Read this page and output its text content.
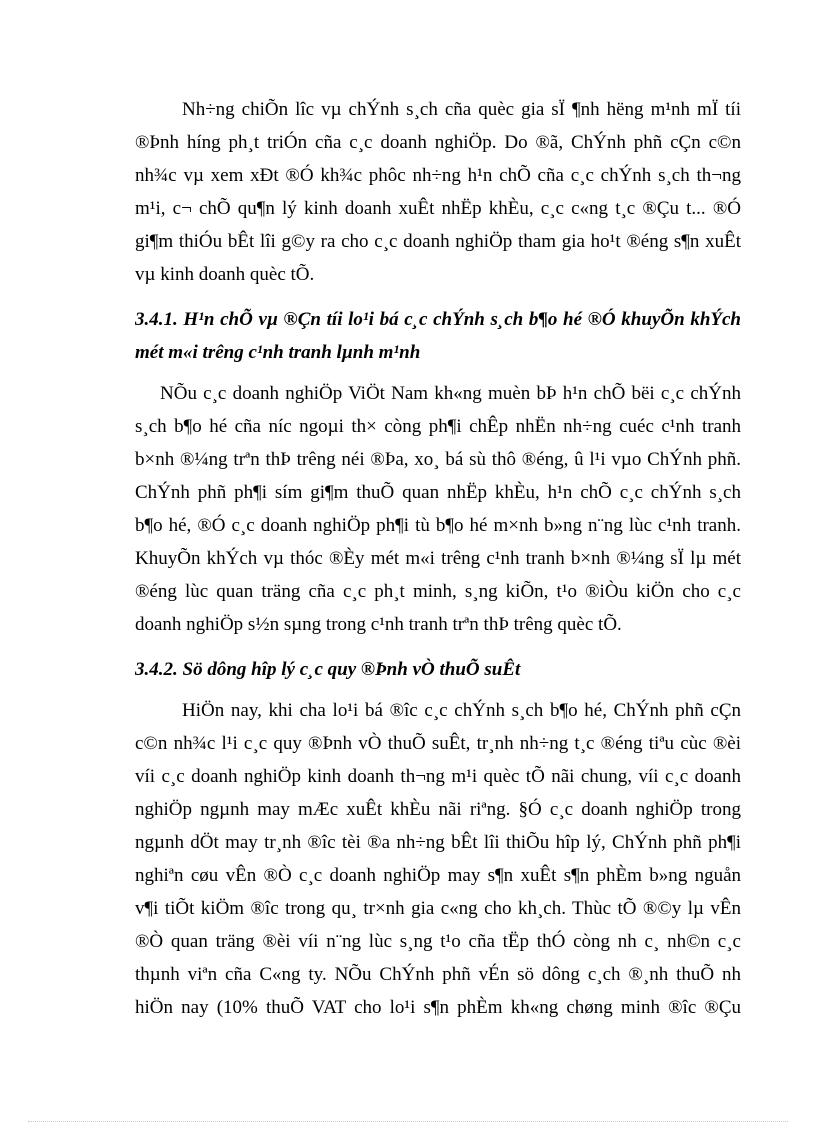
Nh÷ng chiÕn lîc vµ chÝnh s¸ch cña quèc gia sÏ ¶nh hëng m¹nh mÏ tíi
®Þnh híng ph¸t triÓn cña c¸c doanh nghiÖp. Do ®ã, ChÝnh phñ cÇn c©n
nh¾c vµ xem xÐt ®Ó kh¾c phôc nh÷ng h¹n chÕ cña c¸c chÝnh s¸ch th¬ng
m¹i, c¬ chÕ qu¶n lý kinh doanh xuÊt nhËp khÈu, c¸c c«ng t¸c ®Çu t... ®Ó
gi¶m thiÓu bÊt lîi g©y ra cho c¸c doanh nghiÖp tham gia ho¹t ®éng s¶n xuÊt
vµ kinh doanh quèc tÕ.
3.4.1. H¹n chÕ vµ ®Çn tíi lo¹i bá c¸c chÝnh s¸ch b¶o hé ®Ó khuyÕn khÝch
mét m«i trêng c¹nh tranh lµnh m¹nh
NÕu c¸c doanh nghiÖp ViÖt Nam kh«ng muèn bÞ h¹n chÕ bëi c¸c chÝnh
s¸ch b¶o hé cña níc ngoµi th× còng ph¶i chÊp nhËn nh÷ng cuéc c¹nh tranh
b×nh ®¼ng trªn thÞ trêng néi ®Þa, xo¸ bá sù thô ®éng, û l¹i vµo ChÝnh phñ.
ChÝnh phñ ph¶i sím gi¶m thuÕ quan nhËp khÈu, h¹n chÕ c¸c chÝnh s¸ch
b¶o hé, ®Ó c¸c doanh nghiÖp ph¶i tù b¶o hé m×nh b»ng n¨ng lùc c¹nh tranh.
KhuyÕn khÝch vµ thóc ®Èy mét m«i trêng c¹nh tranh b×nh ®¼ng sÏ lµ mét
®éng lùc quan träng cña c¸c ph¸t minh, s¸ng kiÕn, t¹o ®iÒu kiÖn cho c¸c
doanh nghiÖp s½n sµng trong c¹nh tranh trªn thÞ trêng quèc tÕ.
3.4.2. Sö dông hîp lý c¸c quy ®Þnh vÒ thuÕ suÊt
HiÖn nay, khi cha lo¹i bá ®îc c¸c chÝnh s¸ch b¶o hé, ChÝnh phñ cÇn
c©n nh¾c l¹i c¸c quy ®Þnh vÒ thuÕ suÊt, tr¸nh nh÷ng t¸c ®éng tiªu cùc ®èi
víi c¸c doanh nghiÖp kinh doanh th¬ng m¹i quèc tÕ nãi chung, víi c¸c doanh
nghiÖp ngµnh may mÆc xuÊt khÈu nãi riªng. §Ó c¸c doanh nghiÖp trong
ngµnh dÖt may tr¸nh ®îc tèi ®a nh÷ng bÊt lîi thiÕu hîp lý, ChÝnh phñ ph¶i
nghiªn cøu vÊn ®Ò c¸c doanh nghiÖp may s¶n xuÊt s¶n phÈm b»ng nguån
v¶i tiÕt kiÖm ®îc trong qu¸ tr×nh gia c«ng cho kh¸ch. Thùc tÕ ®©y lµ vÊn
®Ò quan träng ®èi víi n¨ng lùc s¸ng t¹o cña tËp thÓ còng nh c¸ nh©n c¸c
thµnh viªn cña C«ng ty. NÕu ChÝnh phñ vÉn sö dông c¸ch ®¸nh thuÕ nh
hiÖn nay (10% thuÕ VAT cho lo¹i s¶n phÈm kh«ng chøng minh ®îc ®Çu
